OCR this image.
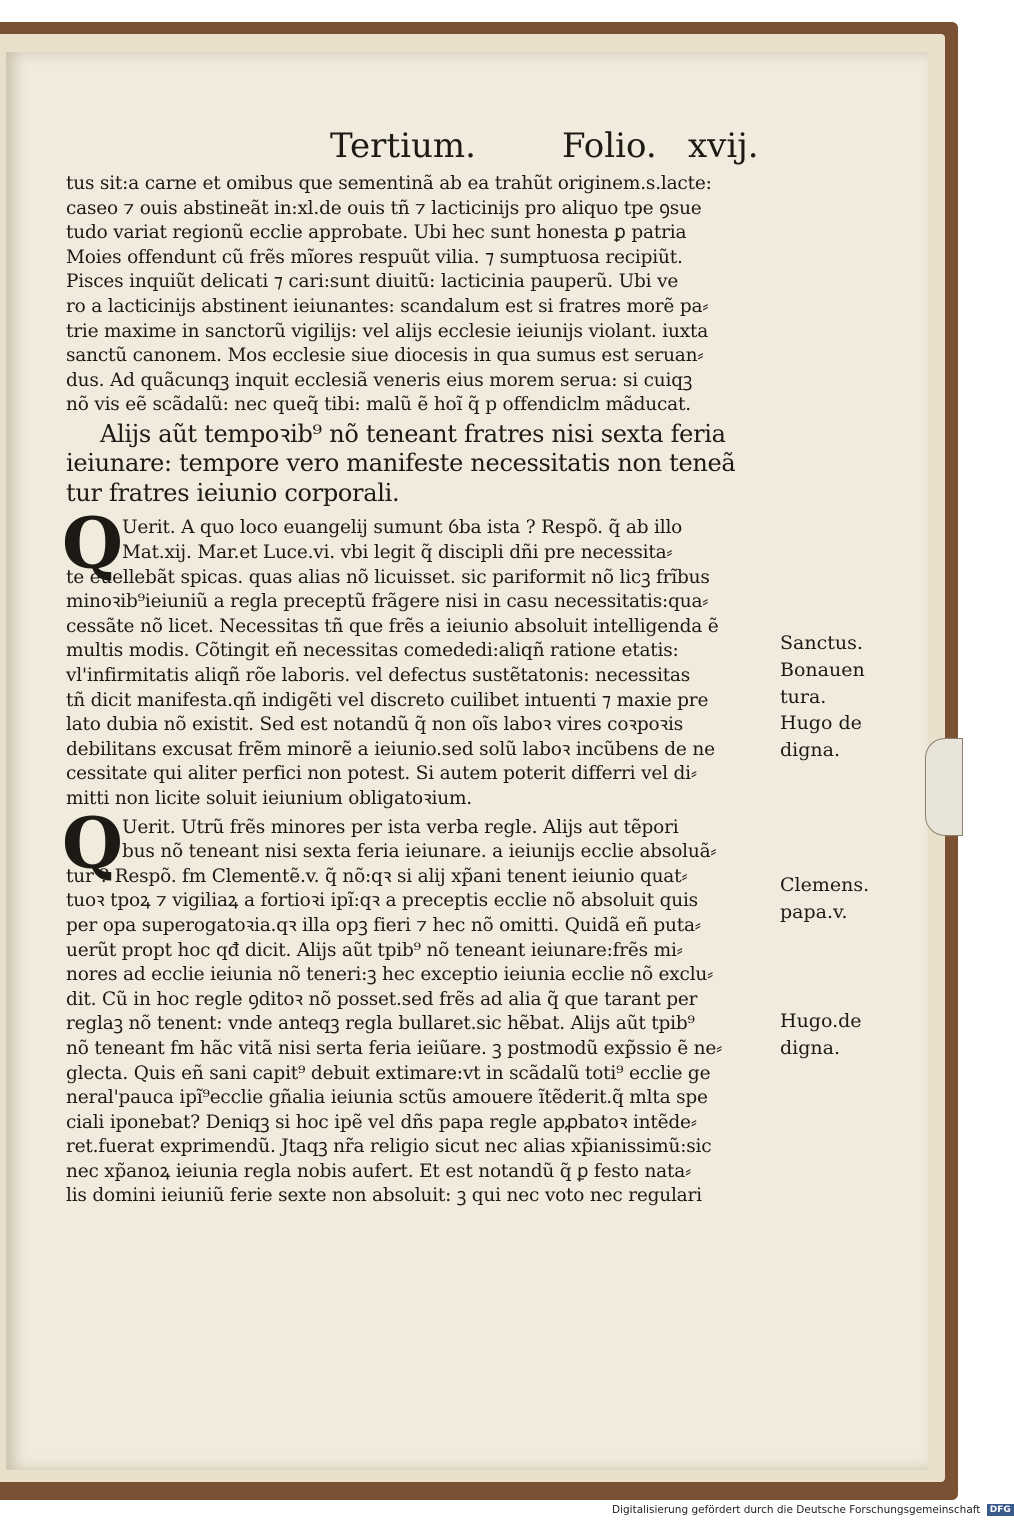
Tertium.	Folio. xvij.
tus sit:a carne et omibus que sementinã ab ea trahũt originem.s.lacte:
caseo ⁊ ouis abstineãt in:xl.de ouis tñ ⁊ lacticinijs pro aliquo tpe ꝯsue
tudo variat regionũ ecclie approbate. Ubi hec sunt honesta ꝑ patria
Moies offendunt cũ frẽs mĩores respuũt vilia. ⁊ sumptuosa recipiũt.
Pisces inquiũt delicati ⁊ cari:sunt diuitũ: lacticinia pauperũ. Ubi ve
ro a lacticinijs abstinent ieiunantes: scandalum est si fratres morẽ pa⸗
trie maxime in sanctorũ vigilijs: vel alijs ecclesie ieiunijs violant. iuxta
sanctũ canonem. Mos ecclesie siue diocesis in qua sumus est seruan⸗
dus. Ad quãcunqꝫ inquit ecclesiã veneris eius morem serua: si cuiqꝫ
nõ vis eẽ scãdalũ: nec queq̃ tibi: malũ ẽ hoĩ q̃ p offendiclm mãducat.
Alijs aũt tempoꝛib⁹ nõ teneant fratres nisi sexta feria
ieiunare: tempore vero manifeste necessitatis non teneã
tur fratres ieiunio corporali.
Q Uerit. A quo loco euangelij sumunt ỽba ista ? Respõ. q̃ ab illo
Mat.xij. Mar.et Luce.vi. vbi legit q̃ discipli dñi pre necessita⸗
te euellebãt spicas. quas alias nõ licuisset. sic pariformit nõ licꝫ frĩbus
minoꝛib⁹ieiuniũ a regla preceptũ frãgere nisi in casu necessitatis:qua⸗
cessãte nõ licet. Necessitas tñ que frẽs a ieiunio absoluit intelligenda ẽ
multis modis. Cõtingit eñ necessitas comededi:aliqñ ratione etatis:
vl'infirmitatis aliqñ rõe laboris. vel defectus sustẽtatonis: necessitas
tñ dicit manifesta.qñ indigẽti vel discreto cuilibet intuenti ⁊ maxie pre
lato dubia nõ existit. Sed est notandũ q̃ non oĩs laboꝛ vires coꝛpoꝛis
debilitans excusat frẽm minorẽ a ieiunio.sed solũ laboꝛ incũbens de ne
cessitate qui aliter perfici non potest. Si autem poterit differri vel di⸗
mitti non licite soluit ieiunium obligatoꝛium.
Q Uerit. Utrũ frẽs minores per ista verba regle. Alijs aut tẽpori
bus nõ teneant nisi sexta feria ieiunare. a ieiunijs ecclie absoluã⸗
tur ? Respõ. fm Clementẽ.v. q̃ nõ:qꝛ si alij xp̃ani tenent ieiunio quat⸗
tuoꝛ tpoꝝ ⁊ vigiliaꝝ a fortioꝛi ipĩ:qꝛ a preceptis ecclie nõ absoluit quis
per opa superogatoꝛia.qꝛ illa opꝫ fieri ⁊ hec nõ omitti. Quidã eñ puta⸗
uerũt propt hoc qđ dicit. Alijs aũt tpib⁹ nõ teneant ieiunare:frẽs mi⸗
nores ad ecclie ieiunia nõ teneri:ꝫ hec exceptio ieiunia ecclie nõ exclu⸗
dit. Cũ in hoc regle ꝯditoꝛ nõ posset.sed frẽs ad alia q̃ que tarant per
reglaꝫ nõ tenent: vnde anteqꝫ regla bullaret.sic hẽbat. Alijs aũt tpib⁹
nõ teneant fm hãc vitã nisi serta feria ieiũare. ꝫ postmodũ exp̃ssio ẽ ne⸗
glecta. Quis eñ sani capit⁹ debuit extimare:vt in scãdalũ toti⁹ ecclie ge
neral'pauca ipĩ⁹ecclie gñalia ieiunia sctũs amouere ĩtẽderit.q̃ mlta spe
ciali iponebat? Deniqꝫ si hoc ipẽ vel dñs papa regle apꝓbatoꝛ intẽde⸗
ret.fuerat exprimendũ. Jtaqꝫ nr̃a religio sicut nec alias xp̃ianissimũ:sic
nec xp̃anoꝝ ieiunia regla nobis aufert. Et est notandũ q̃ ꝑ festo nata⸗
lis domini ieiuniũ ferie sexte non absoluit: ꝫ qui nec voto nec regulari
Sanctus.
Bonauen
tura.
Hugo de
digna.
Clemens.
papa.v.
Hugo.de
digna.
Digitalisierung gefördert durch die Deutsche Forschungsgemeinschaft DFG
